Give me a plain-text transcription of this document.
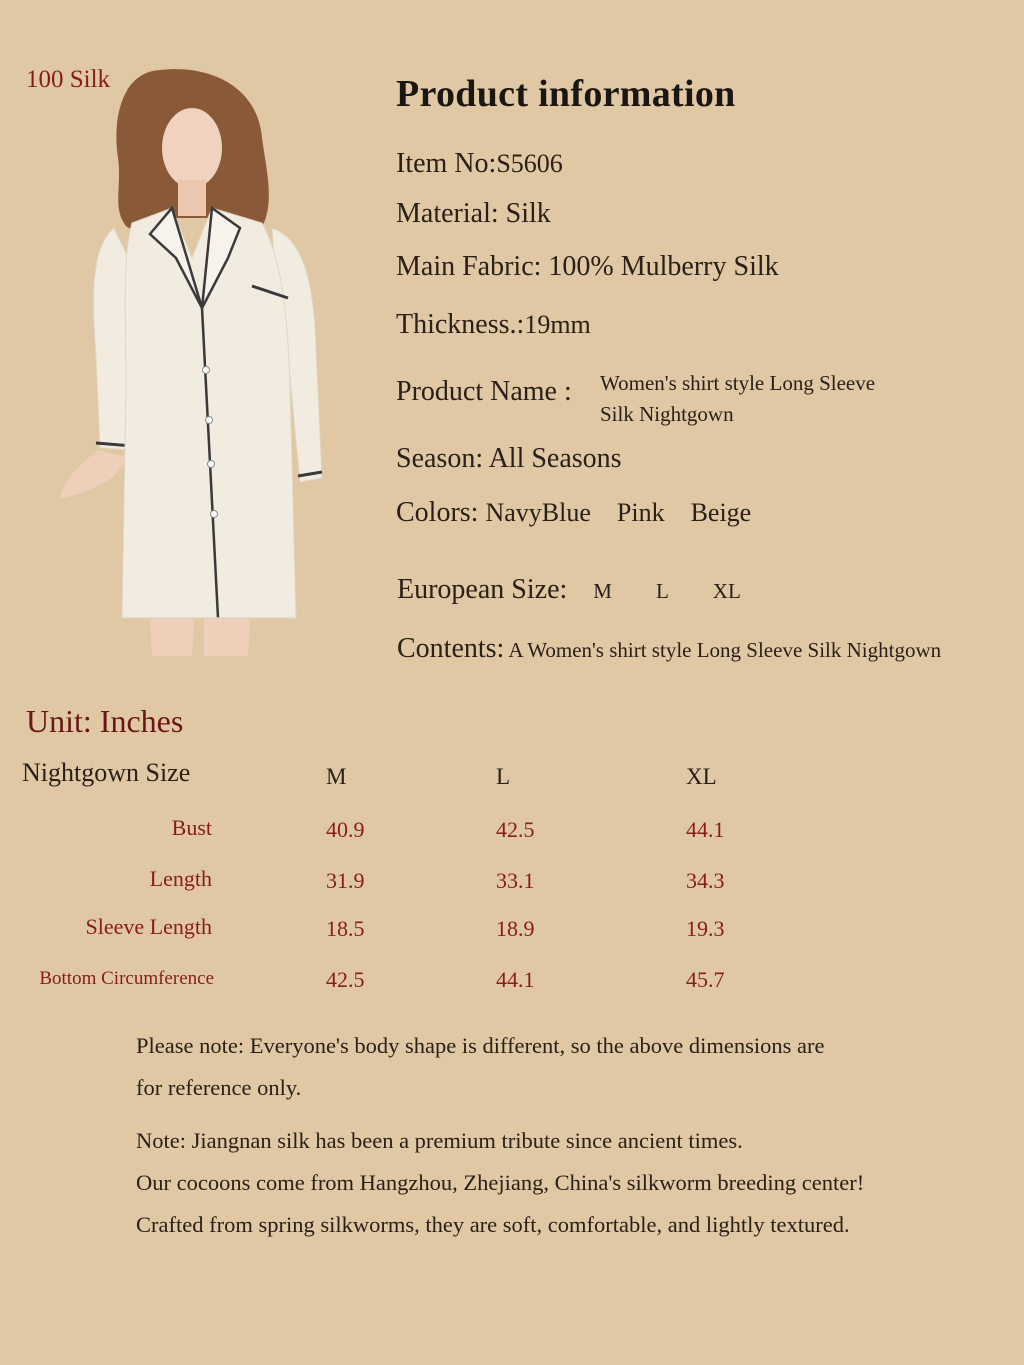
100 Silk	Product information
Item No:S5606
Material: Silk
Main Fabric: 100% Mulberry Silk
Thickness.:19mm
Product Name : Women's shirt style Long Sleeve
Silk Nightgown
Season: All Seasons
Colors: NavyBlue Pink Beige
European Size: M L XL
Contents: A Women's shirt style Long Sleeve Silk Nightgown
Unit: Inches
Nightgown Size	M	L	XL
Bust	40.9	42.5	44.1
Length	31.9	33.1	34.3
Sleeve Length	18.5	18.9	19.3
Bottom Circumference	42.5	44.1	45.7
Please note: Everyone's body shape is different, so the above dimensions are
for reference only.
Note: Jiangnan silk has been a premium tribute since ancient times.
Our cocoons come from Hangzhou, Zhejiang, China's silkworm breeding center!
Crafted from spring silkworms, they are soft, comfortable, and lightly textured.
